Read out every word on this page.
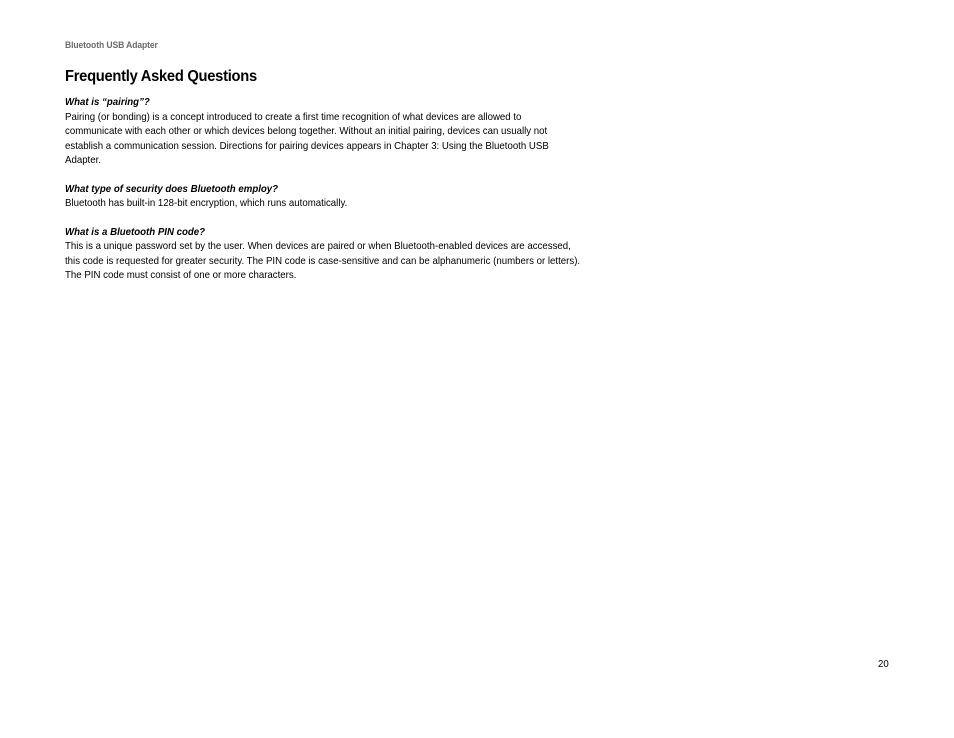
Bluetooth USB Adapter
Frequently Asked Questions

What is “pairing”?

Pairing (or bonding) is a concept introduced to create a first time recognition of what devices are allowed to communicate with each other or which devices belong together. Without an initial pairing, devices can usually not establish a communication session. Directions for pairing devices appears in Chapter 3: Using the Bluetooth USB Adapter.

What type of security does Bluetooth employ?

Bluetooth has built-in 128-bit encryption, which runs automatically.

What is a Bluetooth PIN code?

This is a unique password set by the user. When devices are paired or when Bluetooth-enabled devices are accessed, this code is requested for greater security. The PIN code is case-sensitive and can be alphanumeric (numbers or letters). The PIN code must consist of one or more characters.

20
